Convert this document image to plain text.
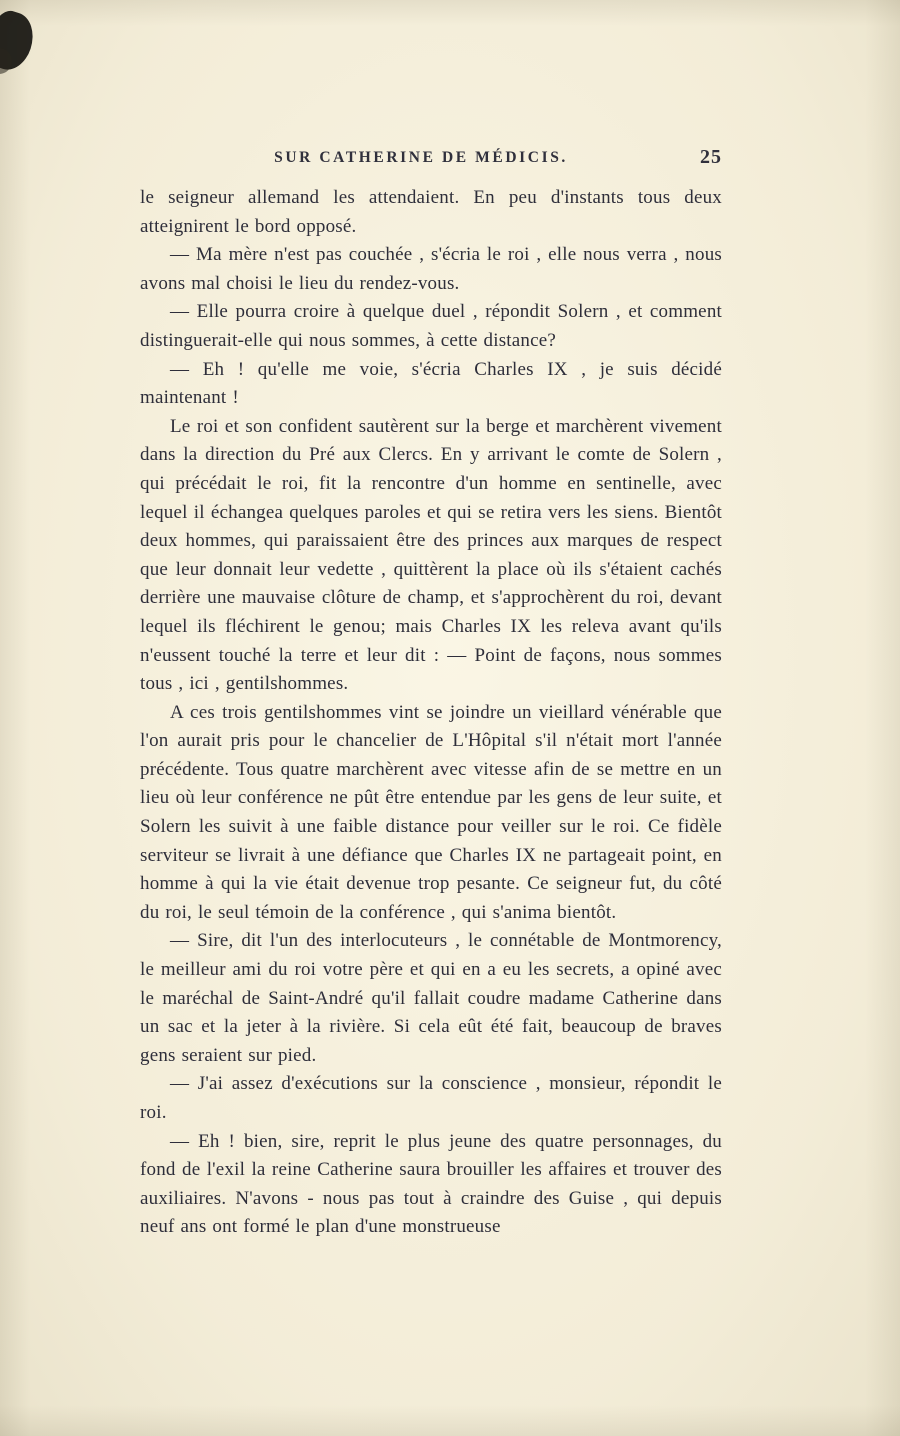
SUR CATHERINE DE MÉDICIS.	25

le seigneur allemand les attendaient. En peu d'instants tous deux atteignirent le bord opposé.

— Ma mère n'est pas couchée , s'écria le roi , elle nous verra , nous avons mal choisi le lieu du rendez-vous.

— Elle pourra croire à quelque duel , répondit Solern , et comment distinguerait-elle qui nous sommes, à cette distance?

— Eh ! qu'elle me voie, s'écria Charles IX , je suis décidé maintenant !

Le roi et son confident sautèrent sur la berge et marchèrent vivement dans la direction du Pré aux Clercs. En y arrivant le comte de Solern , qui précédait le roi, fit la rencontre d'un homme en sentinelle, avec lequel il échangea quelques paroles et qui se retira vers les siens. Bientôt deux hommes, qui paraissaient être des princes aux marques de respect que leur donnait leur vedette , quittèrent la place où ils s'étaient cachés derrière une mauvaise clôture de champ, et s'approchèrent du roi, devant lequel ils fléchirent le genou; mais Charles IX les releva avant qu'ils n'eussent touché la terre et leur dit : — Point de façons, nous sommes tous , ici , gentilshommes.

A ces trois gentilshommes vint se joindre un vieillard vénérable que l'on aurait pris pour le chancelier de L'Hôpital s'il n'était mort l'année précédente. Tous quatre marchèrent avec vitesse afin de se mettre en un lieu où leur conférence ne pût être entendue par les gens de leur suite, et Solern les suivit à une faible distance pour veiller sur le roi. Ce fidèle serviteur se livrait à une défiance que Charles IX ne partageait point, en homme à qui la vie était devenue trop pesante. Ce seigneur fut, du côté du roi, le seul témoin de la conférence , qui s'anima bientôt.

— Sire, dit l'un des interlocuteurs , le connétable de Montmorency, le meilleur ami du roi votre père et qui en a eu les secrets, a opiné avec le maréchal de Saint-André qu'il fallait coudre madame Catherine dans un sac et la jeter à la rivière. Si cela eût été fait, beaucoup de braves gens seraient sur pied.

— J'ai assez d'exécutions sur la conscience , monsieur, répondit le roi.

— Eh ! bien, sire, reprit le plus jeune des quatre personnages, du fond de l'exil la reine Catherine saura brouiller les affaires et trouver des auxiliaires. N'avons - nous pas tout à craindre des Guise , qui depuis neuf ans ont formé le plan d'une monstrueuse
